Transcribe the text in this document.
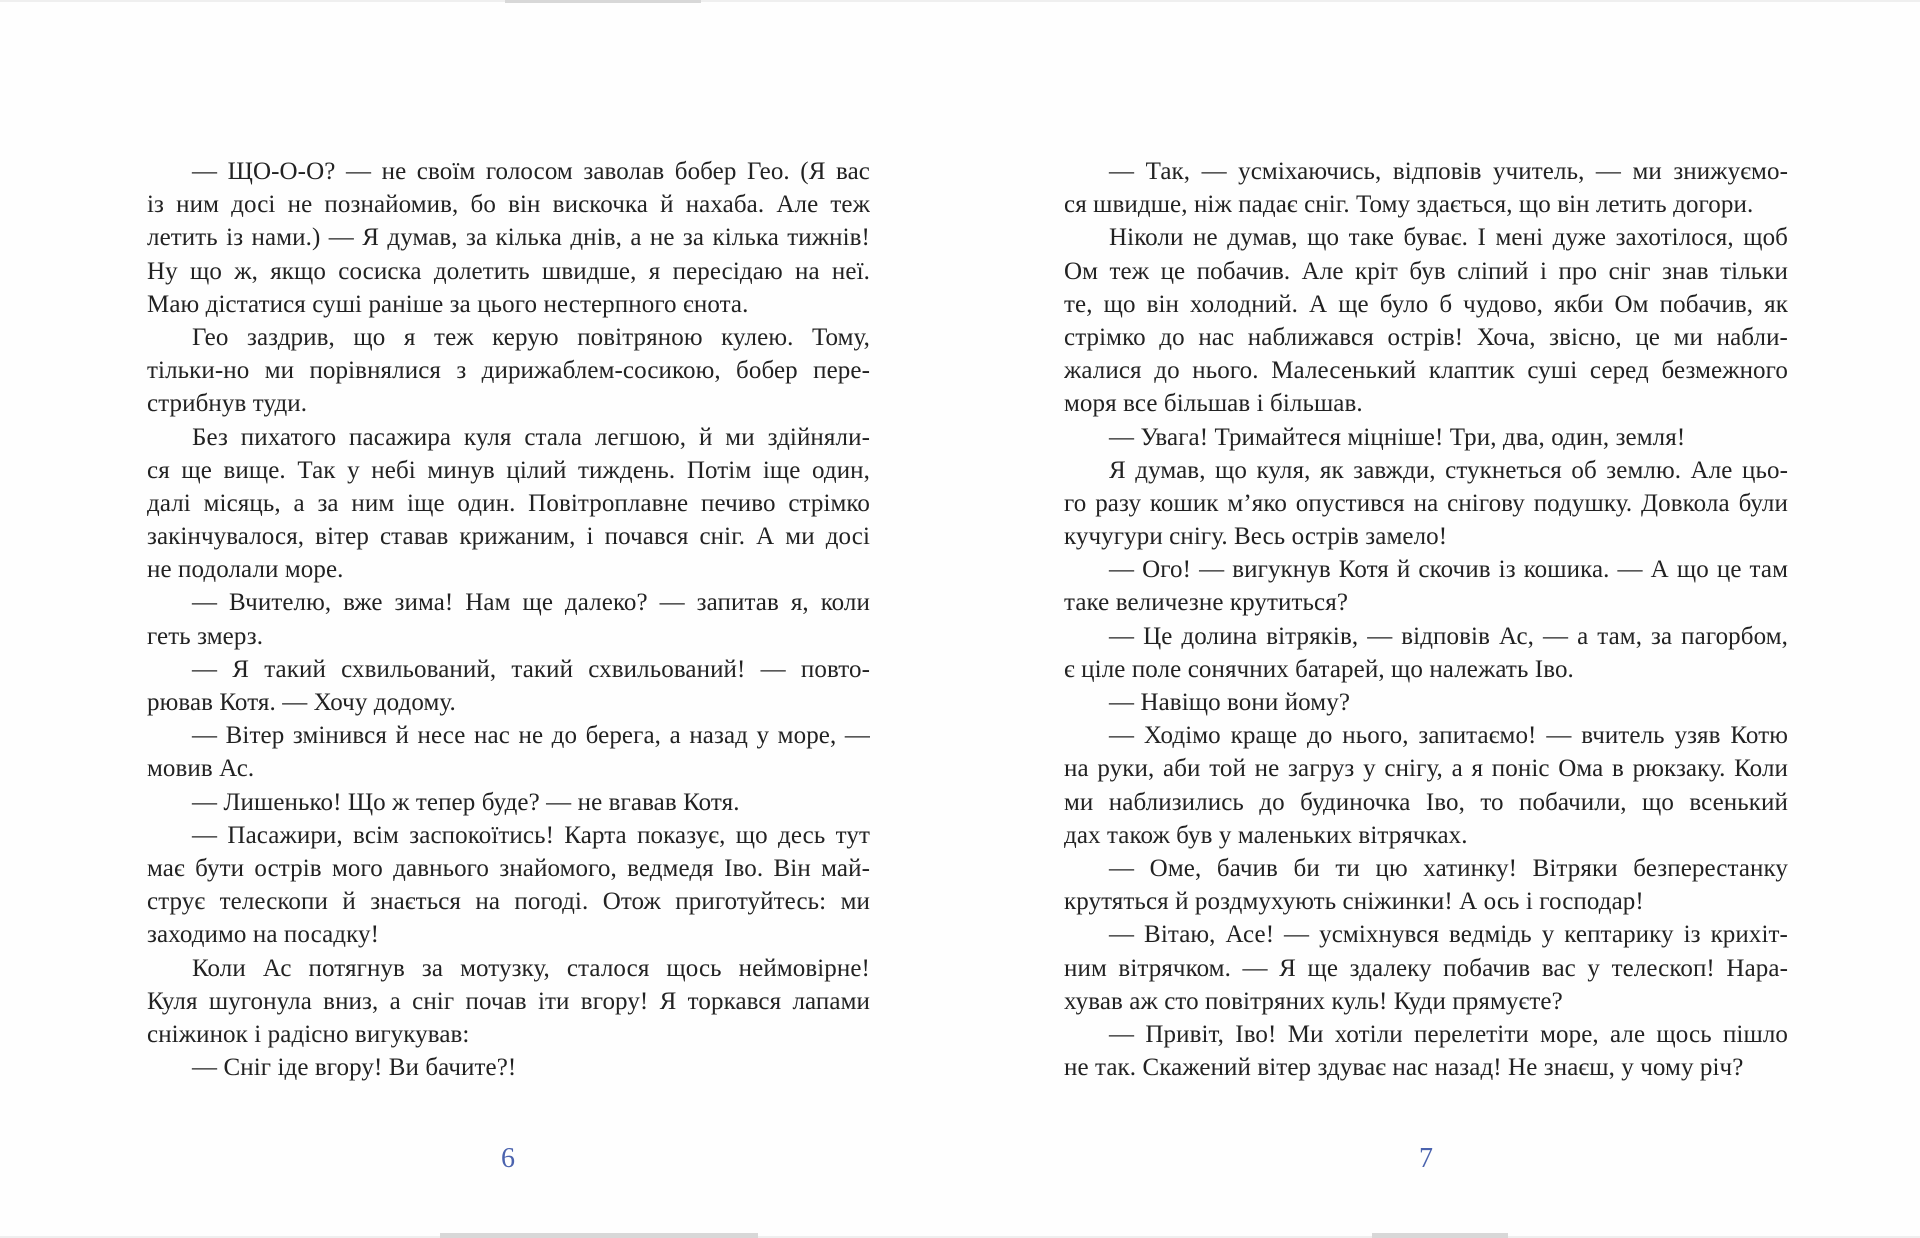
— ЩО-О-О? — не своїм голосом заволав бобер Гео. (Я вас
із ним досі не познайомив, бо він вискочка й нахаба. Але теж
летить із нами.) — Я думав, за кілька днів, а не за кілька тижнів!
Ну що ж, якщо сосиска долетить швидше, я пересідаю на неї.
Маю дістатися суші раніше за цього нестерпного єнота.
Гео заздрив, що я теж керую повітряною кулею. Тому,
тільки-но ми порівнялися з дирижаблем-сосикою, бобер пере-
стрибнув туди.
Без пихатого пасажира куля стала легшою, й ми здійняли-
ся ще вище. Так у небі минув цілий тиждень. Потім іще один,
далі місяць, а за ним іще один. Повітроплавне печиво стрімко
закінчувалося, вітер ставав крижаним, і почався сніг. А ми досі
не подолали море.
— Вчителю, вже зима! Нам ще далеко? — запитав я, коли
геть змерз.
— Я такий схвильований, такий схвильований! — повто-
рював Котя. — Хочу додому.
— Вітер змінився й несе нас не до берега, а назад у море, —
мовив Ас.
— Лишенько! Що ж тепер буде? — не вгавав Котя.
— Пасажири, всім заспокоїтись! Карта показує, що десь тут
має бути острів мого давнього знайомого, ведмедя Іво. Він май-
струє телескопи й знається на погоді. Отож приготуйтесь: ми
заходимо на посадку!
Коли Ас потягнув за мотузку, сталося щось неймовірне!
Куля шугонула вниз, а сніг почав іти вгору! Я торкався лапами
сніжинок і радісно вигукував:
— Сніг іде вгору! Ви бачите?!
6
— Так, — усміхаючись, відповів учитель, — ми знижуємо-
ся швидше, ніж падає сніг. Тому здається, що він летить догори.
Ніколи не думав, що таке буває. І мені дуже захотілося, щоб
Ом теж це побачив. Але кріт був сліпий і про сніг знав тільки
те, що він холодний. А ще було б чудово, якби Ом побачив, як
стрімко до нас наближався острів! Хоча, звісно, це ми набли-
жалися до нього. Малесенький клаптик суші серед безмежного
моря все більшав і більшав.
— Увага! Тримайтеся міцніше! Три, два, один, земля!
Я думав, що куля, як завжди, стукнеться об землю. Але цьо-
го разу кошик м’яко опустився на снігову подушку. Довкола були
кучугури снігу. Весь острів замело!
— Ого! — вигукнув Котя й скочив із кошика. — А що це там
таке величезне крутиться?
— Це долина вітряків, — відповів Ас, — а там, за пагорбом,
є ціле поле сонячних батарей, що належать Іво.
— Навіщо вони йому?
— Ходімо краще до нього, запитаємо! — вчитель узяв Котю
на руки, аби той не загруз у снігу, а я поніс Ома в рюкзаку. Коли
ми наблизились до будиночка Іво, то побачили, що всенький
дах також був у маленьких вітрячках.
— Оме, бачив би ти цю хатинку! Вітряки безперестанку
крутяться й роздмухують сніжинки! А ось і господар!
— Вітаю, Асе! — усміхнувся ведмідь у кептарику із крихіт-
ним вітрячком. — Я ще здалеку побачив вас у телескоп! Нара-
хував аж сто повітряних куль! Куди прямуєте?
— Привіт, Іво! Ми хотіли перелетіти море, але щось пішло
не так. Скажений вітер здуває нас назад! Не знаєш, у чому річ?
7
